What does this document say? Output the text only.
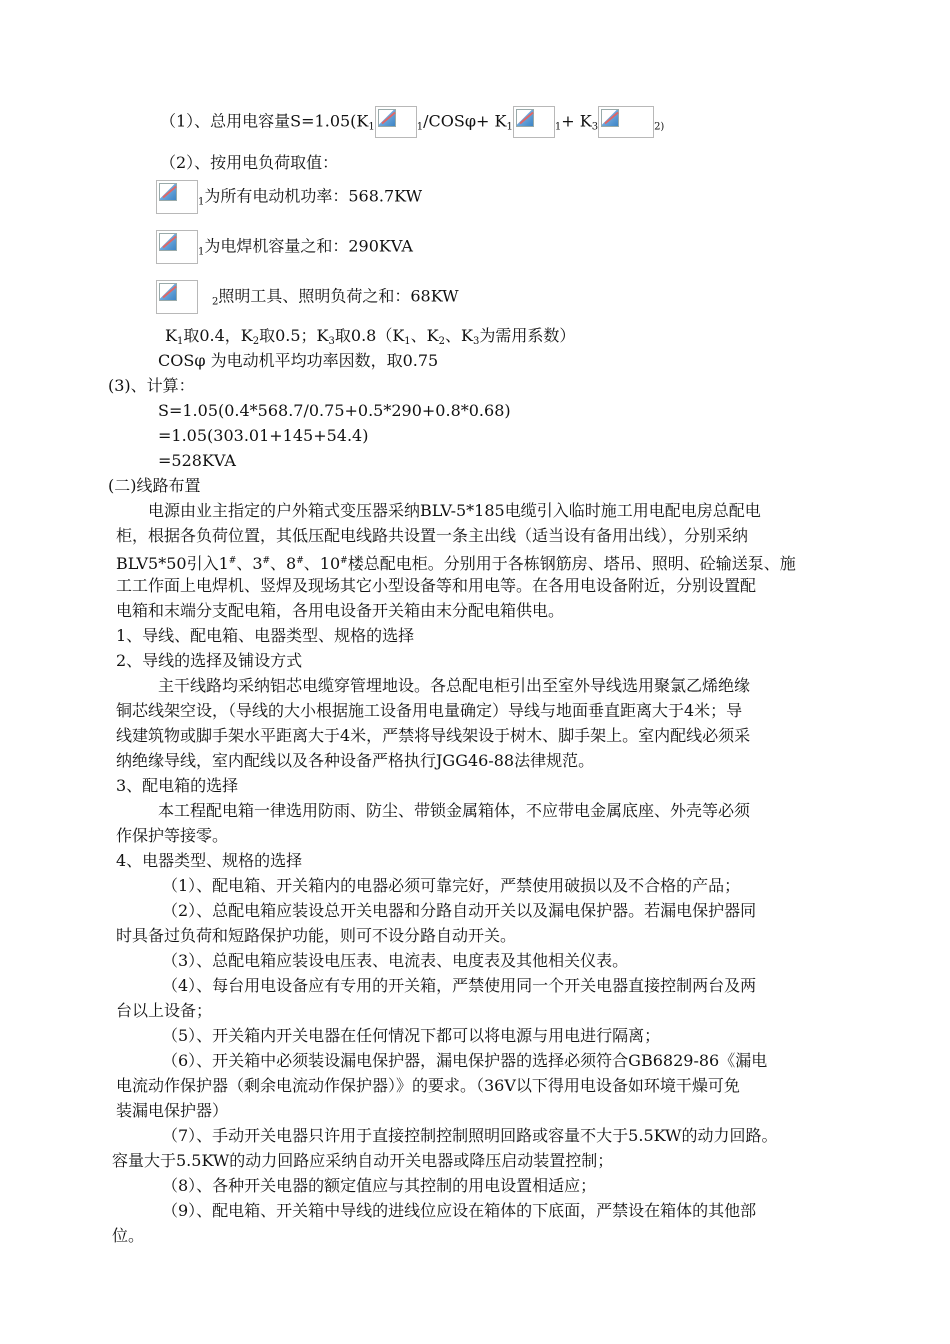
（1）、总用电容量$S=1.05(K_1$	$_1/COS\varphi+ K_1$	$_1+ K_3$	$_{2)}$
（2）、按用电负荷取值：
$_1$为所有电动机功率：568.7KW
$_1$为电焊机容量之和：290KVA
$_2$照明工具、照明负荷之和：68KW
$K_1$取0.4，$K_2$取0.5；$K_3$取$0.8(K_1$、$K_2$、$K_3$为需用系数）
COSφ 为电动机平均功率因数，取0.75
(3)、计算：
S=1.05(0.4*568.7/0.75+0.5*290+0.8*0.68)
=1.05(303.01+145+54.4)
=528KVA
(二)线路布置
电源由业主指定的户外箱式变压器采纳BLV-5*185电缆引入临时施工用电配电房总配电
柜，根据各负荷位置，其低压配电线路共设置一条主出线（适当设有备用出线），分别采纳
BLV5*50引入1#、3#、8#、10#楼总配电柜。分别用于各栋钢筋房、塔吊、照明、砼输送泵、施
工工作面上电焊机、竖焊及现场其它小型设备等和用电等。在各用电设备附近，分别设置配
电箱和末端分支配电箱，各用电设备开关箱由末分配电箱供电。
1、导线、配电箱、电器类型、规格的选择
2、导线的选择及铺设方式
主干线路均采纳铝芯电缆穿管埋地设。各总配电柜引出至室外导线选用聚氯乙烯绝缘
铜芯线架空设，（导线的大小根据施工设备用电量确定）导线与地面垂直距离大于4米；导
线建筑物或脚手架水平距离大于4米，严禁将导线架设于树木、脚手架上。室内配线必须采
纳绝缘导线，室内配线以及各种设备严格执行JGG46-88法律规范。
3、配电箱的选择
本工程配电箱一律选用防雨、防尘、带锁金属箱体，不应带电金属底座、外壳等必须
作保护等接零。
4、电器类型、规格的选择
（1）、配电箱、开关箱内的电器必须可靠完好，严禁使用破损以及不合格的产品；
（2）、总配电箱应装设总开关电器和分路自动开关以及漏电保护器。若漏电保护器同
时具备过负荷和短路保护功能，则可不设分路自动开关。
（3）、总配电箱应装设电压表、电流表、电度表及其他相关仪表。
（4）、每台用电设备应有专用的开关箱，严禁使用同一个开关电器直接控制两台及两
台以上设备；
（5）、开关箱内开关电器在任何情况下都可以将电源与用电进行隔离；
（6）、开关箱中必须装设漏电保护器，漏电保护器的选择必须符合GB6829-86《漏电
电流动作保护器（剩余电流动作保护器）》的要求。（36V以下得用电设备如环境干燥可免
装漏电保护器）
（7）、手动开关电器只许用于直接控制控制照明回路或容量不大于5.5KW的动力回路。
容量大于5.5KW的动力回路应采纳自动开关电器或降压启动装置控制；
（8）、各种开关电器的额定值应与其控制的用电设置相适应；
（9）、配电箱、开关箱中导线的进线位应设在箱体的下底面，严禁设在箱体的其他部
位。
